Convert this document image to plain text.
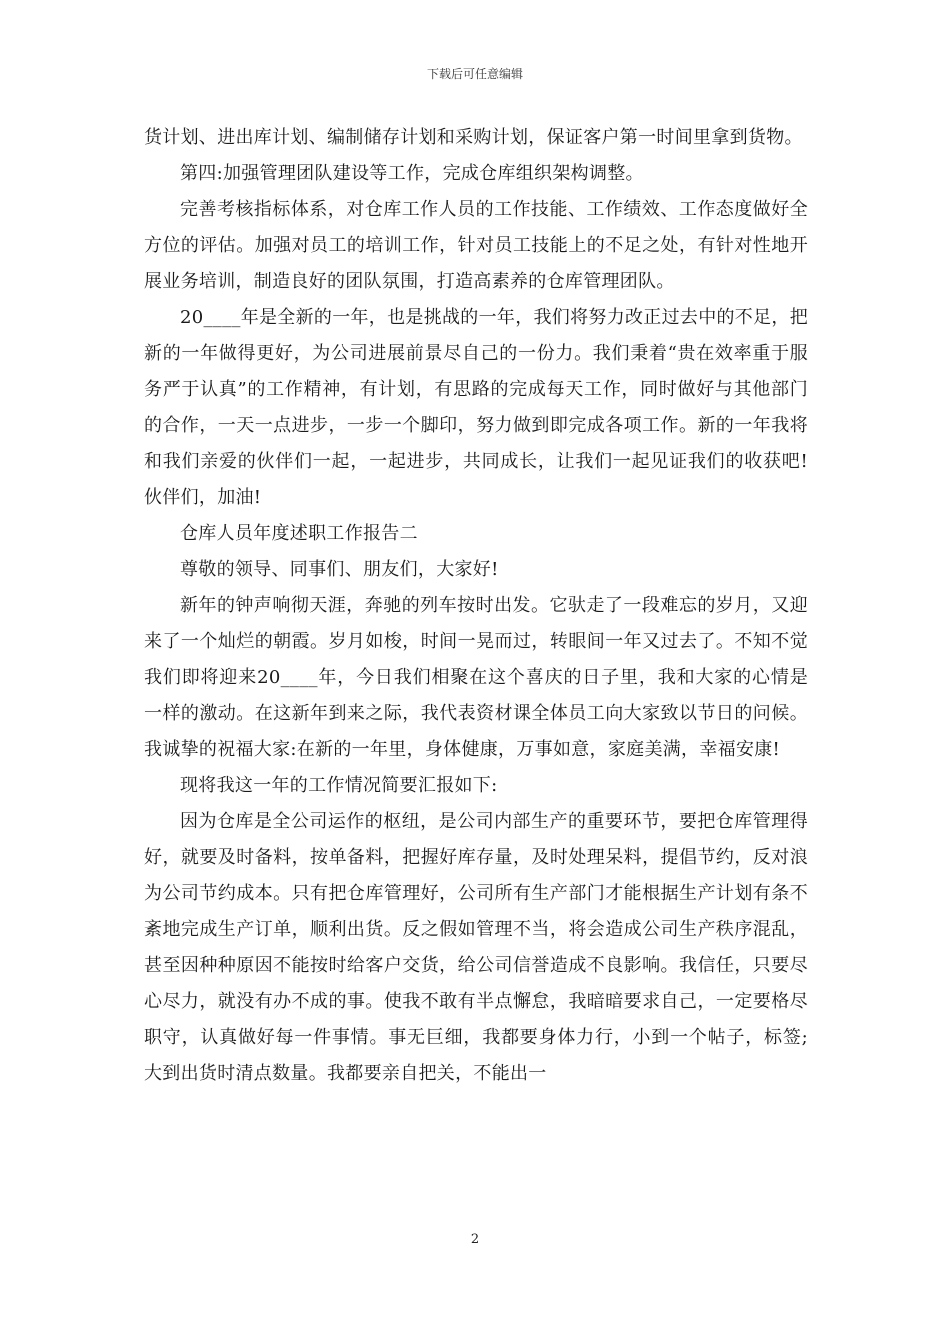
下载后可任意编辑

货计划、进出库计划、编制储存计划和采购计划，保证客户第一时间里拿到货物。

第四:加强管理团队建设等工作，完成仓库组织架构调整。

完善考核指标体系，对仓库工作人员的工作技能、工作绩效、工作态度做好全方位的评估。加强对员工的培训工作，针对员工技能上的不足之处，有针对性地开展业务培训，制造良好的团队氛围，打造高素养的仓库管理团队。

20____年是全新的一年，也是挑战的一年，我们将努力改正过去中的不足，把新的一年做得更好，为公司进展前景尽自己的一份力。我们秉着“贵在效率重于服务严于认真”的工作精神，有计划，有思路的完成每天工作，同时做好与其他部门的合作，一天一点进步，一步一个脚印，努力做到即完成各项工作。新的一年我将和我们亲爱的伙伴们一起，一起进步，共同成长，让我们一起见证我们的收获吧!伙伴们，加油!

仓库人员年度述职工作报告二

尊敬的领导、同事们、朋友们，大家好!

新年的钟声响彻天涯，奔驰的列车按时出发。它驮走了一段难忘的岁月，又迎来了一个灿烂的朝霞。岁月如梭，时间一晃而过，转眼间一年又过去了。不知不觉我们即将迎来20____年，今日我们相聚在这个喜庆的日子里，我和大家的心情是一样的激动。在这新年到来之际，我代表资材课全体员工向大家致以节日的问候。我诚挚的祝福大家:在新的一年里，身体健康，万事如意，家庭美满，幸福安康!

现将我这一年的工作情况简要汇报如下:

因为仓库是全公司运作的枢纽，是公司内部生产的重要环节，要把仓库管理得好，就要及时备料，按单备料，把握好库存量，及时处理呆料，提倡节约，反对浪为公司节约成本。只有把仓库管理好，公司所有生产部门才能根据生产计划有条不紊地完成生产订单，顺利出货。反之假如管理不当，将会造成公司生产秩序混乱，甚至因种种原因不能按时给客户交货，给公司信誉造成不良影响。我信任，只要尽心尽力，就没有办不成的事。使我不敢有半点懈怠，我暗暗要求自己，一定要格尽职守，认真做好每一件事情。事无巨细，我都要身体力行，小到一个帖子，标签;大到出货时清点数量。我都要亲自把关，不能出一

2
